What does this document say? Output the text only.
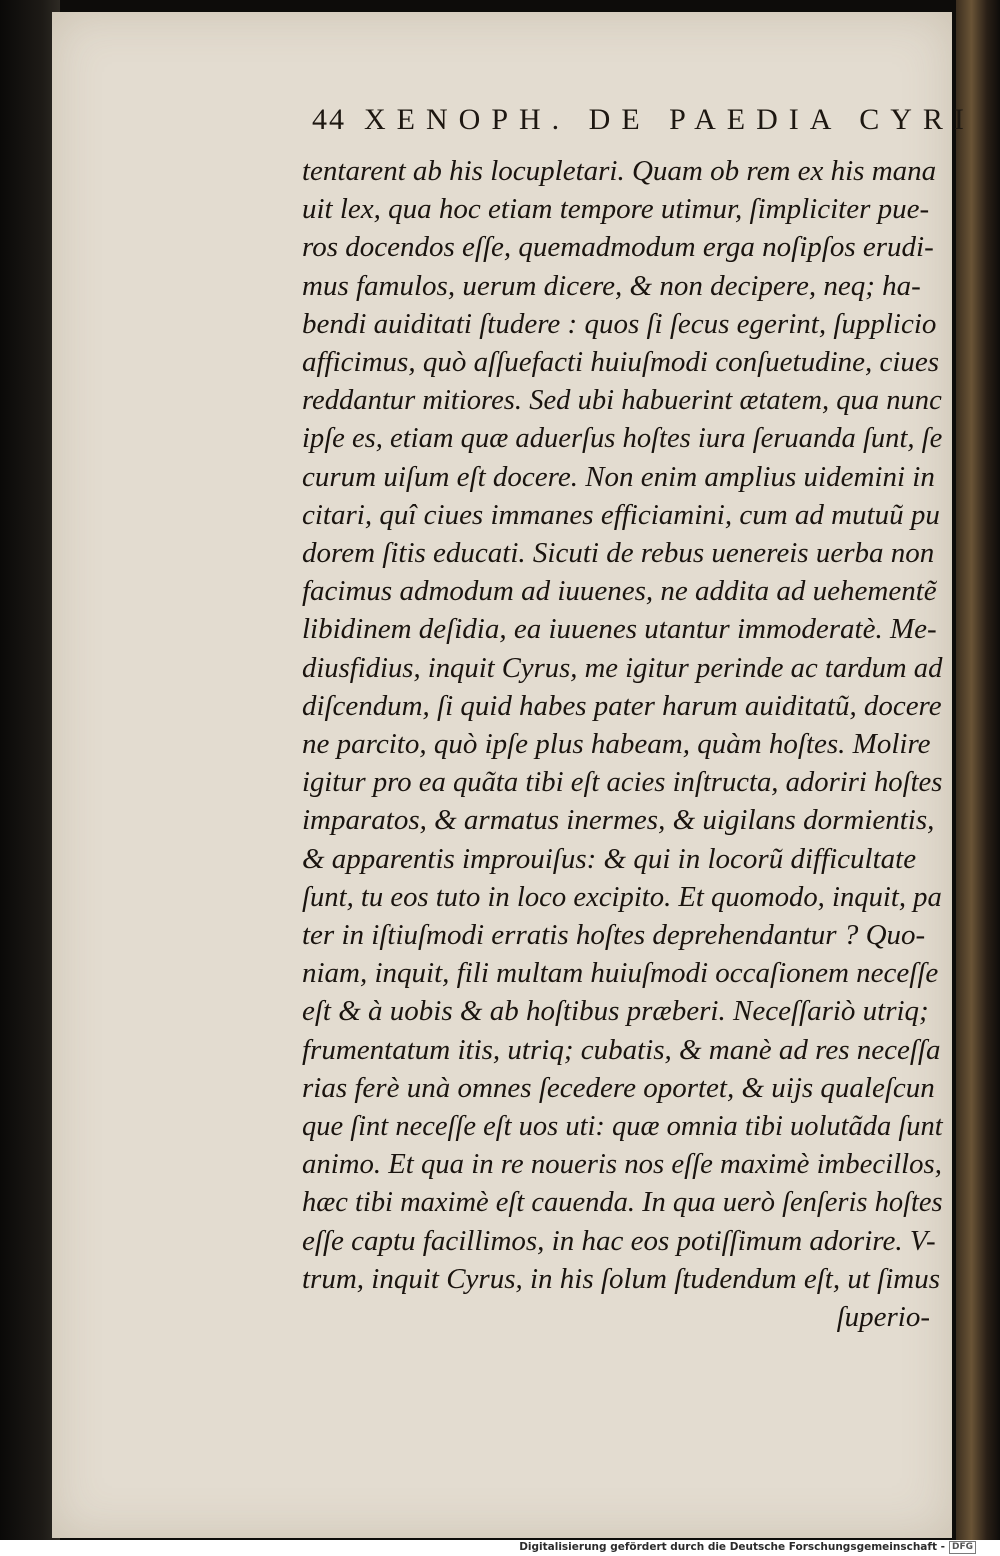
44 XENOPH. DE PAEDIA CYRI
tentarent ab his locupletari. Quam ob rem ex his mana
uit lex, qua hoc etiam tempore utimur, ſimpliciter pue-
ros docendos eſſe, quemadmodum erga noſipſos erudi-
mus famulos, uerum dicere, & non decipere, neq; ha-
bendi auiditati ſtudere : quos ſi ſecus egerint, ſupplicio
afficimus, quò aſſuefacti huiuſmodi conſuetudine, ciues
reddantur mitiores. Sed ubi habuerint ætatem, qua nunc
ipſe es, etiam quæ aduerſus hoſtes iura ſeruanda ſunt, ſe
curum uiſum eſt docere. Non enim amplius uidemini in
citari, quî ciues immanes efficiamini, cum ad mutuũ pu
dorem ſitis educati. Sicuti de rebus uenereis uerba non
facimus admodum ad iuuenes, ne addita ad uehementẽ
libidinem deſidia, ea iuuenes utantur immoderatè. Me-
diusfidius, inquit Cyrus, me igitur perinde ac tardum ad
diſcendum, ſi quid habes pater harum auiditatũ, docere
ne parcito, quò ipſe plus habeam, quàm hoſtes. Molire
igitur pro ea quãta tibi eſt acies inſtructa, adoriri hoſtes
imparatos, & armatus inermes, & uigilans dormientis,
& apparentis improuiſus: & qui in locorũ difficultate
ſunt, tu eos tuto in loco excipito. Et quomodo, inquit, pa
ter in iſtiuſmodi erratis hoſtes deprehendantur ? Quo-
niam, inquit, fili multam huiuſmodi occaſionem neceſſe
eſt & à uobis & ab hoſtibus præberi. Neceſſariò utriq;
frumentatum itis, utriq; cubatis, & manè ad res neceſſa
rias ferè unà omnes ſecedere oportet, & uijs qualeſcun
que ſint neceſſe eſt uos uti: quæ omnia tibi uolutãda ſunt
animo. Et qua in re noueris nos eſſe maximè imbecillos,
hæc tibi maximè eſt cauenda. In qua uerò ſenſeris hoſtes
eſſe captu facillimos, in hac eos potiſſimum adorire. V-
trum, inquit Cyrus, in his ſolum ſtudendum eſt, ut ſimus
ſuperio-
Digitalisierung gefördert durch die Deutsche Forschungsgemeinschaft - DFG
